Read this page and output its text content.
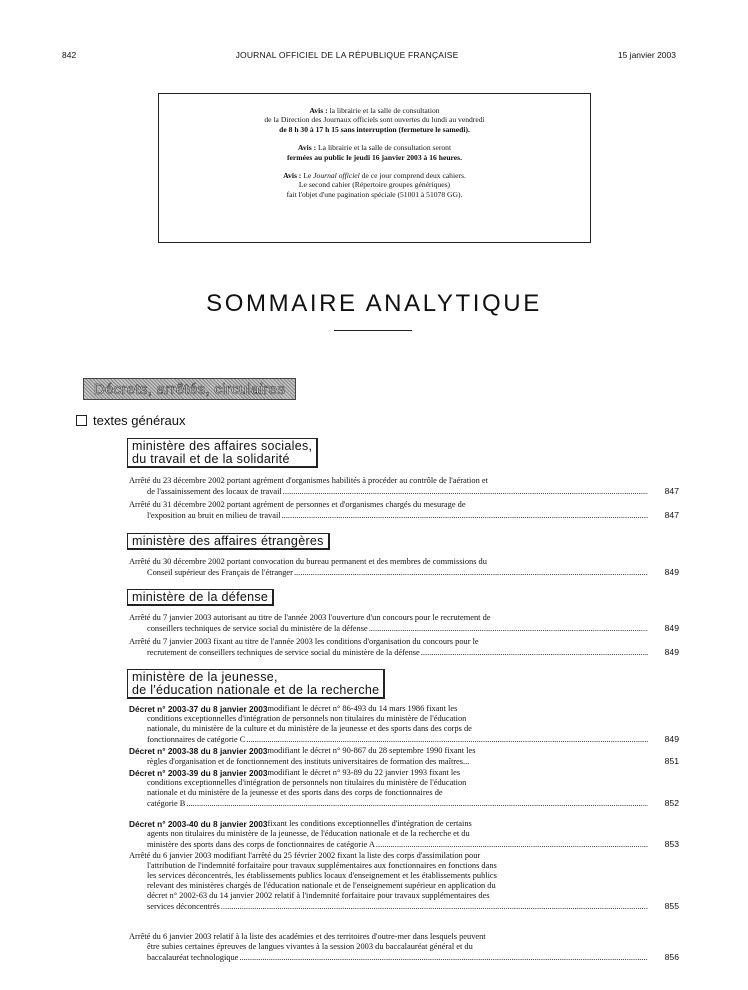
842	JOURNAL OFFICIEL DE LA RÉPUBLIQUE FRANÇAISE	15 janvier 2003
Avis : la librairie et la salle de consultation
de la Direction des Journaux officiels sont ouvertes du lundi au vendredi
de 8 h 30 à 17 h 15 sans interruption (fermeture le samedi).
Avis : La librairie et la salle de consultation seront
fermées au public le jeudi 16 janvier 2003 à 16 heures.
Avis : Le Journal officiel de ce jour comprend deux cahiers.
Le second cahier (Répertoire groupes génériques)
fait l'objet d'une pagination spéciale (51001 à 51078 GG).
SOMMAIRE ANALYTIQUE
Décrets, arrêtés, circulaires
textes généraux
ministère des affaires sociales,
du travail et de la solidarité
Arrêté du 23 décembre 2002 portant agrément d'organismes habilités à procéder au contrôle de l'aération et
de l'assainissement des locaux de travail .....	847
Arrêté du 31 décembre 2002 portant agrément de personnes et d'organismes chargés du mesurage de
l'exposition au bruit en milieu de travail .....	847
ministère des affaires étrangères
Arrêté du 30 décembre 2002 portant convocation du bureau permanent et des membres de commissions du
Conseil supérieur des Français de l'étranger .....	849
ministère de la défense
Arrêté du 7 janvier 2003 autorisant au titre de l'année 2003 l'ouverture d'un concours pour le recrutement de
conseillers techniques de service social du ministère de la défense .....	849
Arrêté du 7 janvier 2003 fixant au titre de l'année 2003 les conditions d'organisation du concours pour le
recrutement de conseillers techniques de service social du ministère de la défense .....	849
ministère de la jeunesse,
de l'éducation nationale et de la recherche
Décret n° 2003-37 du 8 janvier 2003 modifiant le décret n° 86-493 du 14 mars 1986 fixant les
conditions exceptionnelles d'intégration de personnels non titulaires du ministère de l'éducation
nationale, du ministère de la culture et du ministère de la jeunesse et des sports dans des corps de
fonctionnaires de catégorie C .....	849
Décret n° 2003-38 du 8 janvier 2003 modifiant le décret n° 90-867 du 28 septembre 1990 fixant les
règles d'organisation et de fonctionnement des instituts universitaires de formation des maîtres...	851
Décret n° 2003-39 du 8 janvier 2003 modifiant le décret n° 93-89 du 22 janvier 1993 fixant les
conditions exceptionnelles d'intégration de personnels non titulaires du ministère de l'éducation
nationale et du ministère de la jeunesse et des sports dans des corps de fonctionnaires de
catégorie B .....	852
Décret n° 2003-40 du 8 janvier 2003 fixant les conditions exceptionnelles d'intégration de certains
agents non titulaires du ministère de la jeunesse, de l'éducation nationale et de la recherche et du
ministère des sports dans des corps de fonctionnaires de catégorie A .....	853
Arrêté du 6 janvier 2003 modifiant l'arrêté du 25 février 2002 fixant la liste des corps d'assimilation pour
l'attribution de l'indemnité forfaitaire pour travaux supplémentaires aux fonctionnaires en fonctions dans
les services déconcentrés, les établissements publics locaux d'enseignement et les établissements publics
relevant des ministères chargés de l'éducation nationale et de l'enseignement supérieur en application du
décret n° 2002-63 du 14 janvier 2002 relatif à l'indemnité forfaitaire pour travaux supplémentaires des
services déconcentrés .....	855
Arrêté du 6 janvier 2003 relatif à la liste des académies et des territoires d'outre-mer dans lesquels peuvent
être subies certaines épreuves de langues vivantes à la session 2003 du baccalauréat général et du
baccalauréat technologique .....	856
